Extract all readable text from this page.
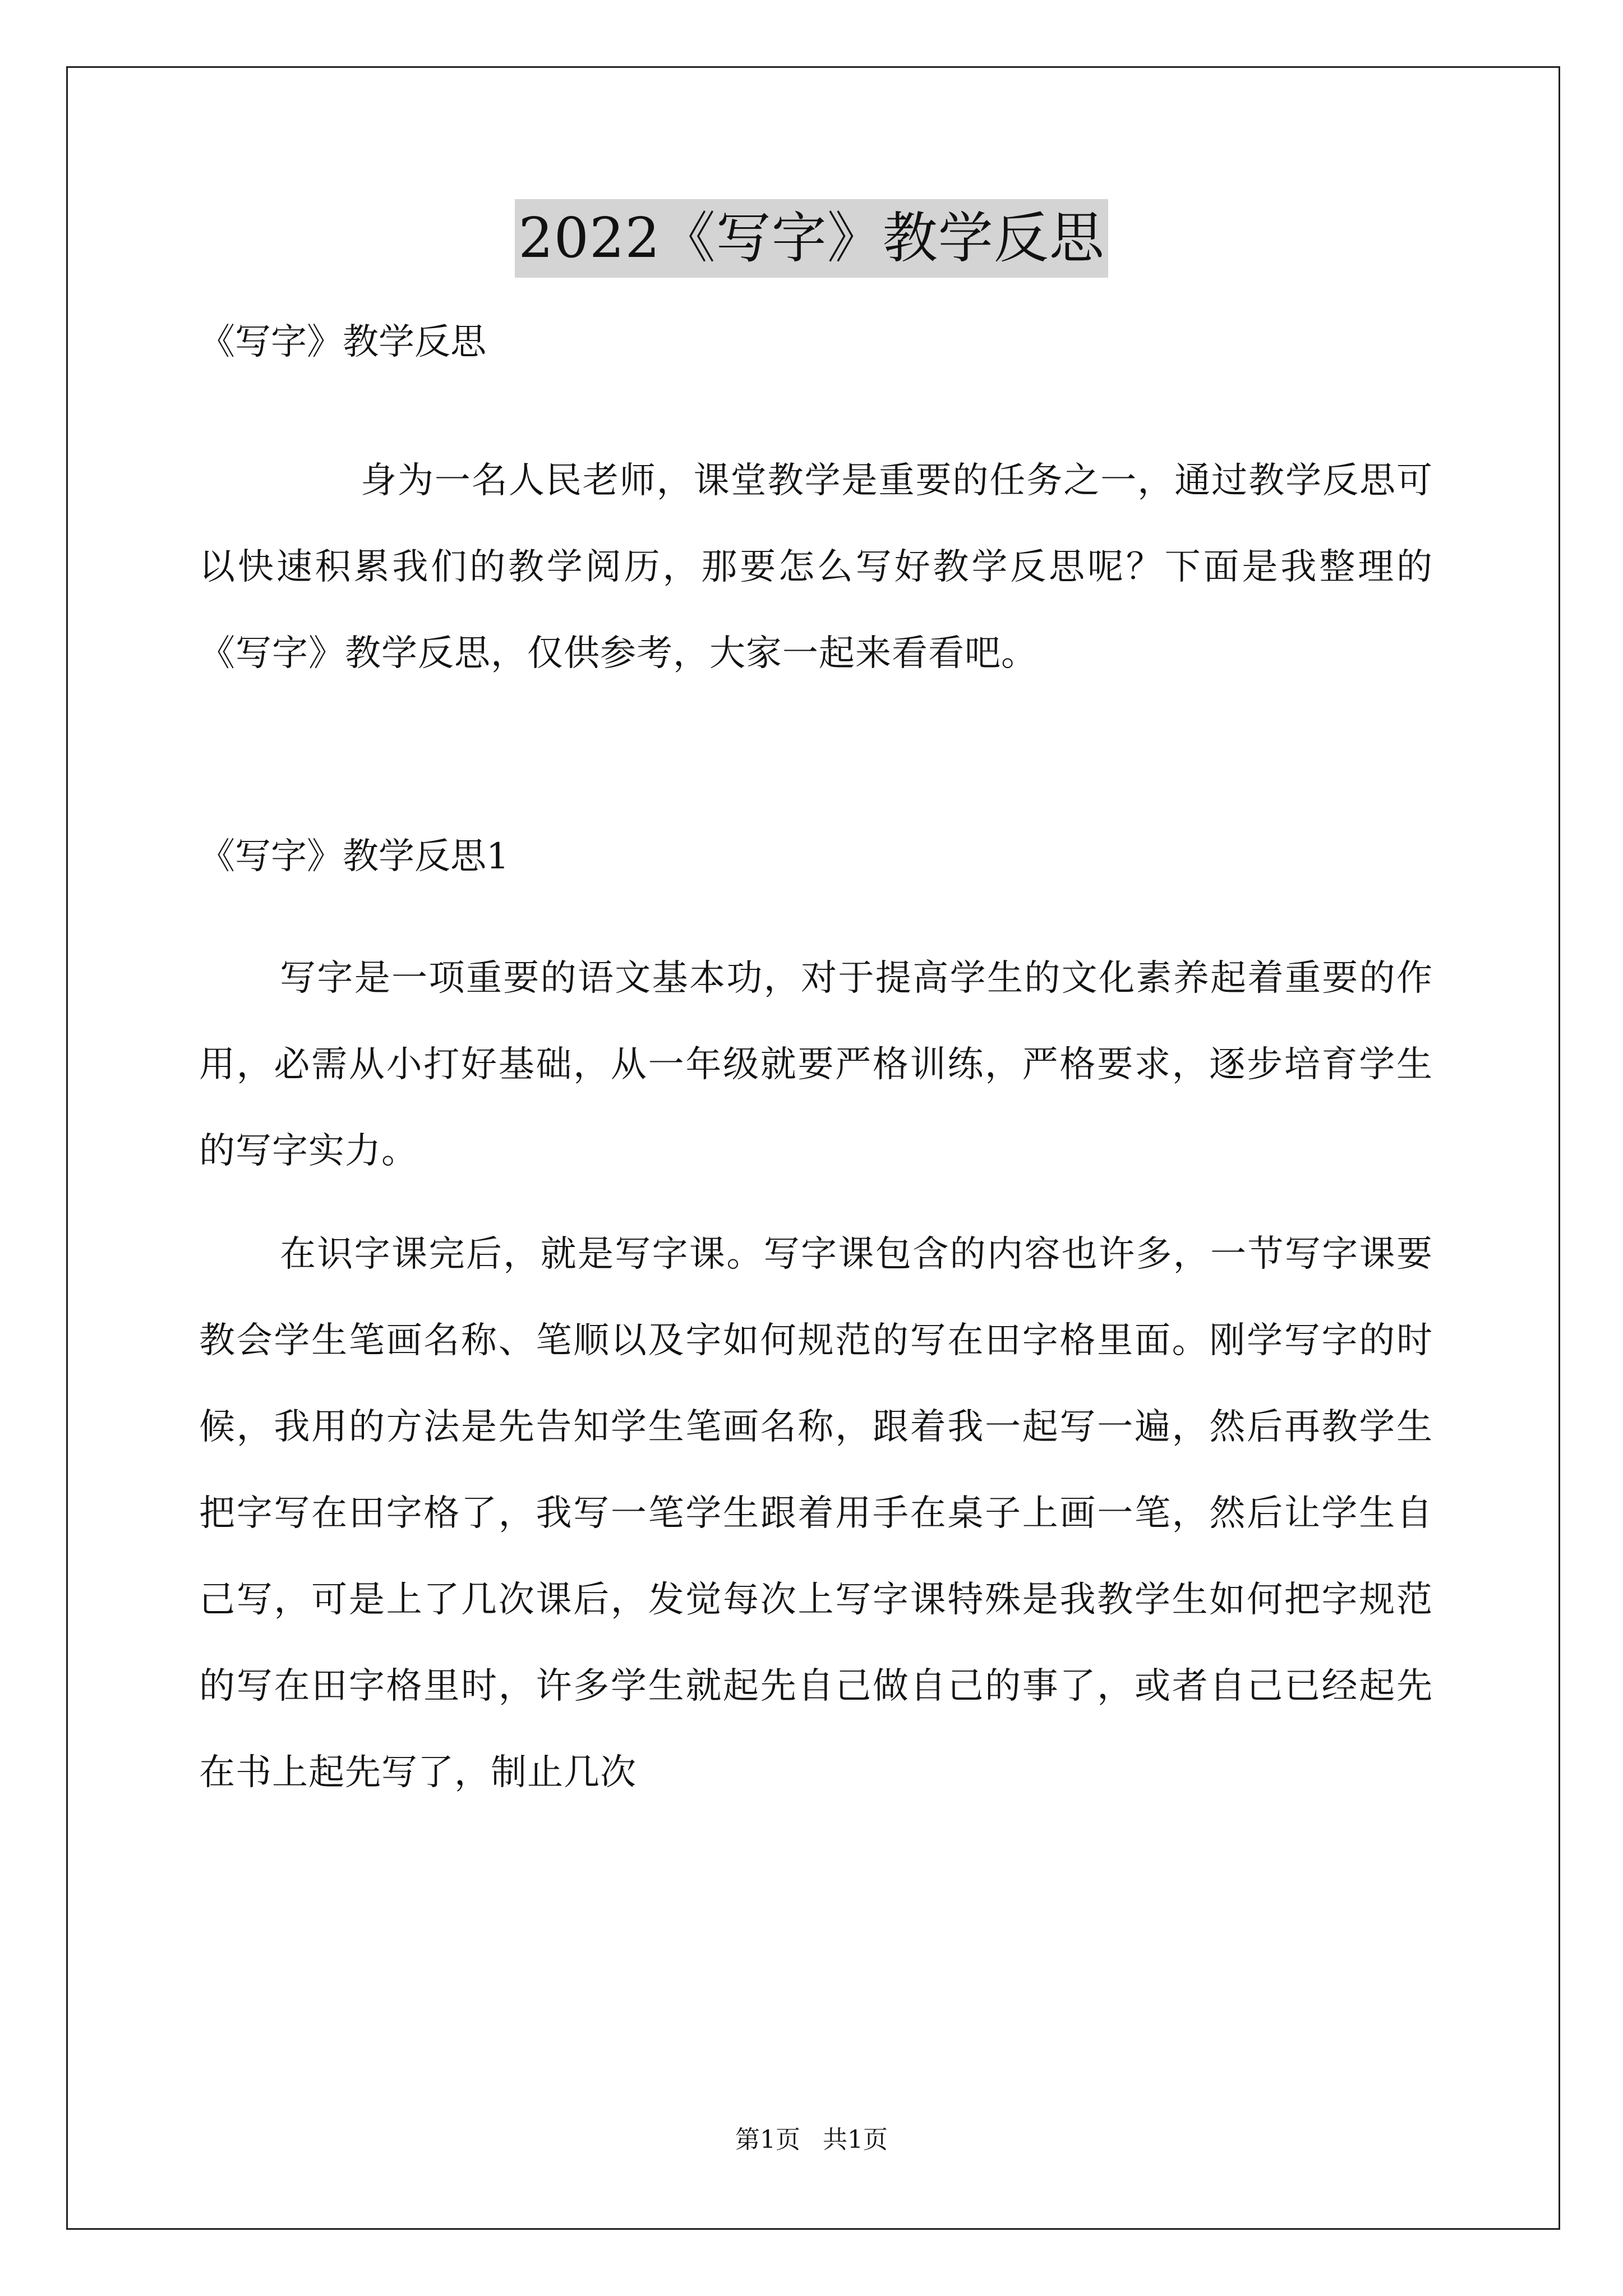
2022《写字》教学反思

《写字》教学反思

身为一名人民老师，课堂教学是重要的任务之一，通过教学反思可以快速积累我们的教学阅历，那要怎么写好教学反思呢？下面是我整理的《写字》教学反思，仅供参考，大家一起来看看吧。

《写字》教学反思1

写字是一项重要的语文基本功，对于提高学生的文化素养起着重要的作用，必需从小打好基础，从一年级就要严格训练，严格要求，逐步培育学生的写字实力。

在识字课完后，就是写字课。写字课包含的内容也许多，一节写字课要教会学生笔画名称、笔顺以及字如何规范的写在田字格里面。刚学写字的时候，我用的方法是先告知学生笔画名称，跟着我一起写一遍，然后再教学生把字写在田字格了，我写一笔学生跟着用手在桌子上画一笔，然后让学生自己写，可是上了几次课后，发觉每次上写字课特殊是我教学生如何把字规范的写在田字格里时，许多学生就起先自己做自己的事了，或者自己已经起先在书上起先写了，制止几次

第1页 共1页
